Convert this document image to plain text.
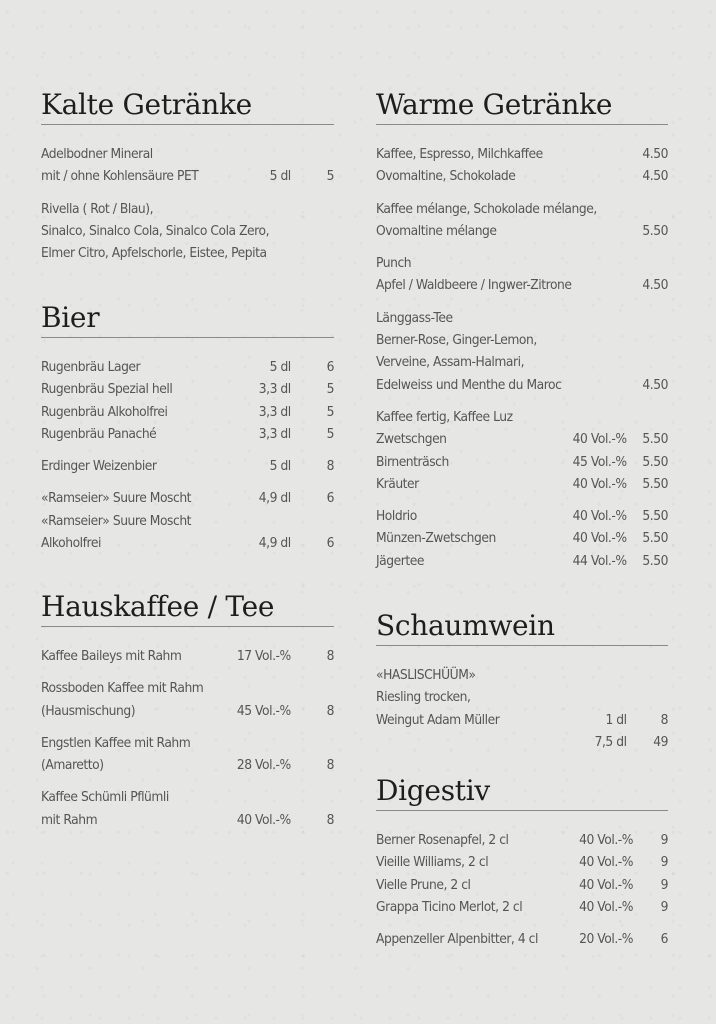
Kalte Getränke
Adelbodner Mineral
mit / ohne Kohlensäure PET	5 dl	5
Rivella ( Rot / Blau),
Sinalco, Sinalco Cola, Sinalco Cola Zero,
Elmer Citro, Apfelschorle, Eistee, Pepita
Bier
Rugenbräu Lager	5 dl	6
Rugenbräu Spezial hell	3,3 dl	5
Rugenbräu Alkoholfrei	3,3 dl	5
Rugenbräu Panaché	3,3 dl	5
Erdinger Weizenbier	5 dl	8
«Ramseier» Suure Moscht	4,9 dl	6
«Ramseier» Suure Moscht
Alkoholfrei	4,9 dl	6
Hauskaffee / Tee
Kaffee Baileys mit Rahm	17 Vol.-%	8
Rossboden Kaffee mit Rahm
(Hausmischung)	45 Vol.-%	8
Engstlen Kaffee mit Rahm
(Amaretto)	28 Vol.-%	8
Kaffee Schümli Pflümli
mit Rahm	40 Vol.-%	8
Warme Getränke
Kaffee, Espresso, Milchkaffee	4.50
Ovomaltine, Schokolade	4.50
Kaffee mélange, Schokolade mélange,
Ovomaltine mélange	5.50
Punch
Apfel / Waldbeere / Ingwer-Zitrone	4.50
Länggass-Tee
Berner-Rose, Ginger-Lemon,
Verveine, Assam-Halmari,
Edelweiss und Menthe du Maroc	4.50
Kaffee fertig, Kaffee Luz
Zwetschgen	40 Vol.-% 5.50
Birnenträsch	45 Vol.-% 5.50
Kräuter	40 Vol.-% 5.50
Holdrio	40 Vol.-% 5.50
Münzen-Zwetschgen	40 Vol.-% 5.50
Jägertee	44 Vol.-% 5.50
Schaumwein
«HASLISCHÜÜM»
Riesling trocken,
Weingut Adam Müller	1 dl	8
7,5 dl 49
Digestiv
Berner Rosenapfel, 2 cl	40 Vol.-% 9
Vieille Williams, 2 cl	40 Vol.-% 9
Vielle Prune, 2 cl	40 Vol.-% 9
Grappa Ticino Merlot, 2 cl	40 Vol.-% 9
Appenzeller Alpenbitter, 4 cl	20 Vol.-% 6
